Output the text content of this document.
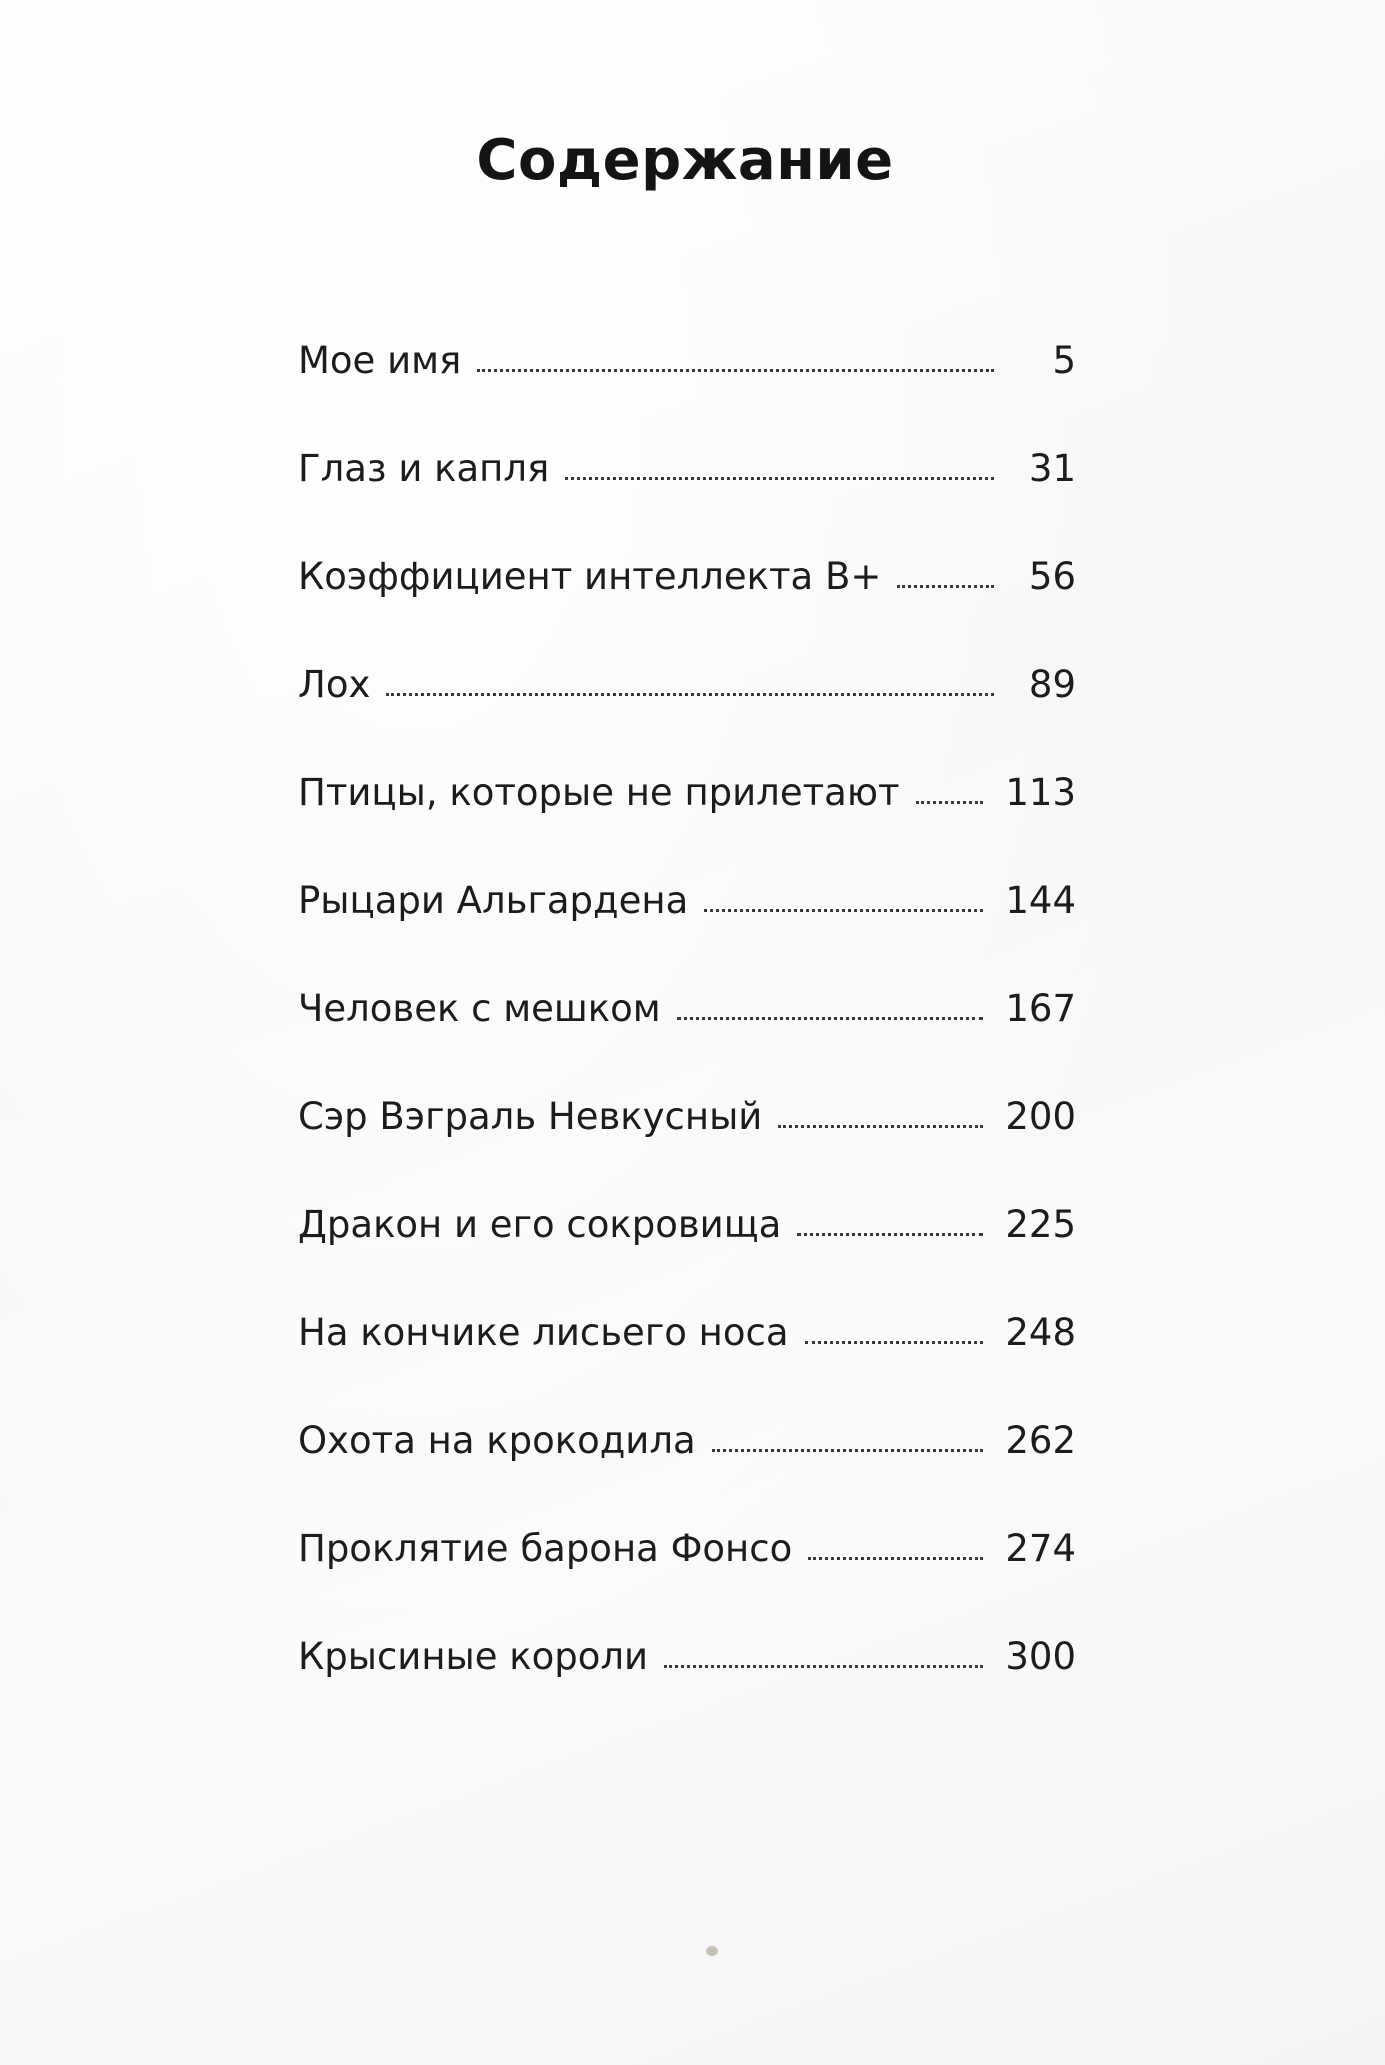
Содержание
Мое имя	5
Глаз и капля	31
Коэффициент интеллекта B+	56
Лох	89
Птицы, которые не прилетают	113
Рыцари Альгардена	144
Человек с мешком	167
Сэр Вэграль Невкусный	200
Дракон и его сокровища	225
На кончике лисьего носа	248
Охота на крокодила	262
Проклятие барона Фонсо	274
Крысиные короли	300
